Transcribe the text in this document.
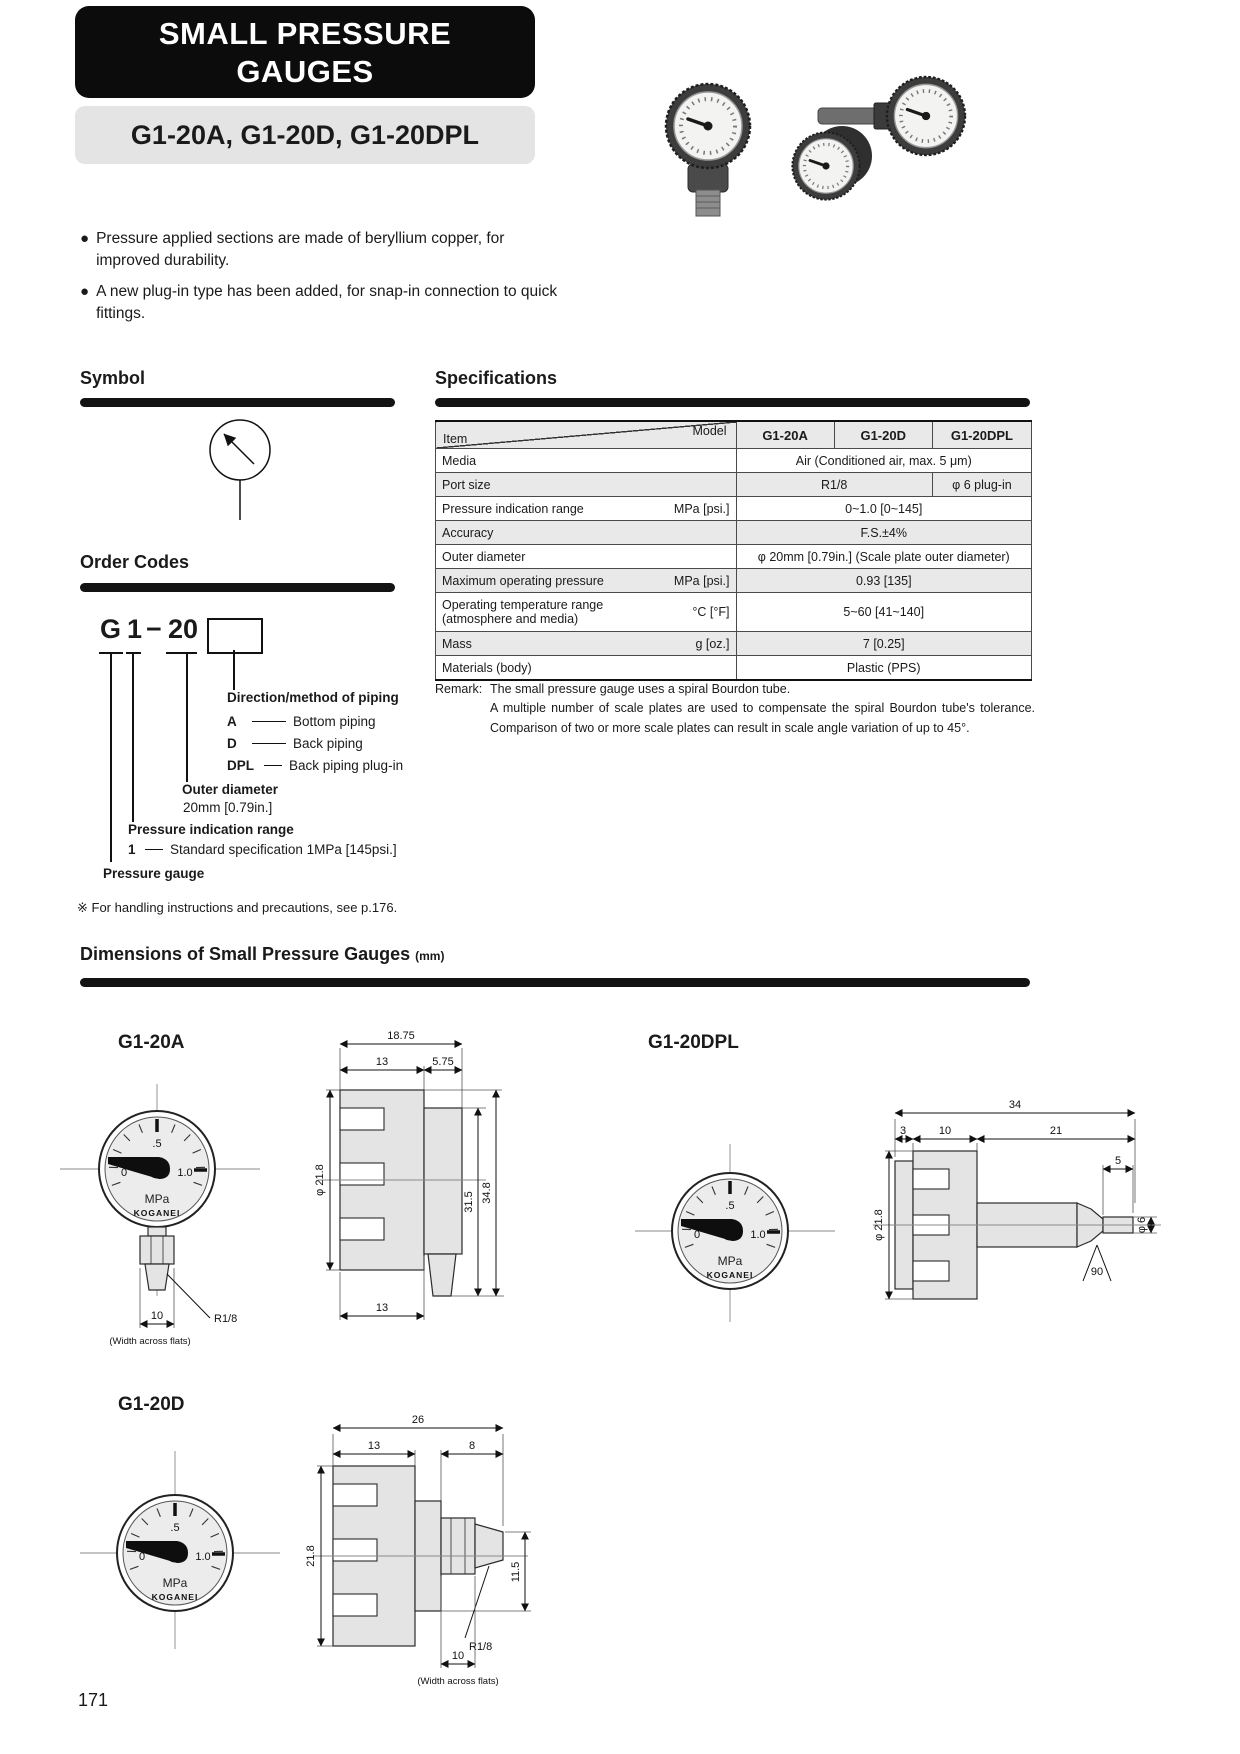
SMALL PRESSURE
GAUGES
G1-20A, G1-20D, G1-20DPL
● Pressure applied sections are made of beryllium copper, for improved durability.
● A new plug-in type has been added, for snap-in connection to quick fittings.
Symbol	Specifications
Item
Model	G1-20A	G1-20D	G1-20DPL
Media	Air (Conditioned air, max. 5 μm)		
Port size	R1/8		φ 6 plug-in

Pressure indication range MPa [psi.]	0~1.0 [0~145]		
Accuracy	F.S.±4%		
Outer diameter	φ 20mm [0.79in.] (Scale plate outer diameter)		

Maximum operating pressure MPa [psi.]	0.93 [135]		

Operating temperature range (atmosphere and media) °C [°F]	5~60 [41~140]		

Mass g [oz.]	7 [0.25]		
Materials (body)	Plastic (PPS)		
Remark: The small pressure gauge uses a spiral Bourdon tube.

A multiple number of scale plates are used to compensate the spiral Bourdon tube's tolerance. Comparison of two or more scale plates can result in scale angle variation of up to 45°.

Order Codes
G 1 − 20
Direction/method of piping
A	Bottom piping
D	Back piping
DPL	Back piping plug-in
Outer diameter
20mm [0.79in.]
Pressure indication range
1	Standard specification 1MPa [145psi.]
Pressure gauge
※ For handling instructions and precautions, see p.176.
Dimensions of Small Pressure Gauges (mm)
G1-20A
10
(Width across flats)
R1/8
18.75
13	5.75
φ 21.8
31.5 34.8
13
G1-20DPL
34
3	10	21
5
φ 21.8	φ 6
90
G1-20D
26
13	8
21.8
11.5
R1/8
10
(Width across flats)
171
